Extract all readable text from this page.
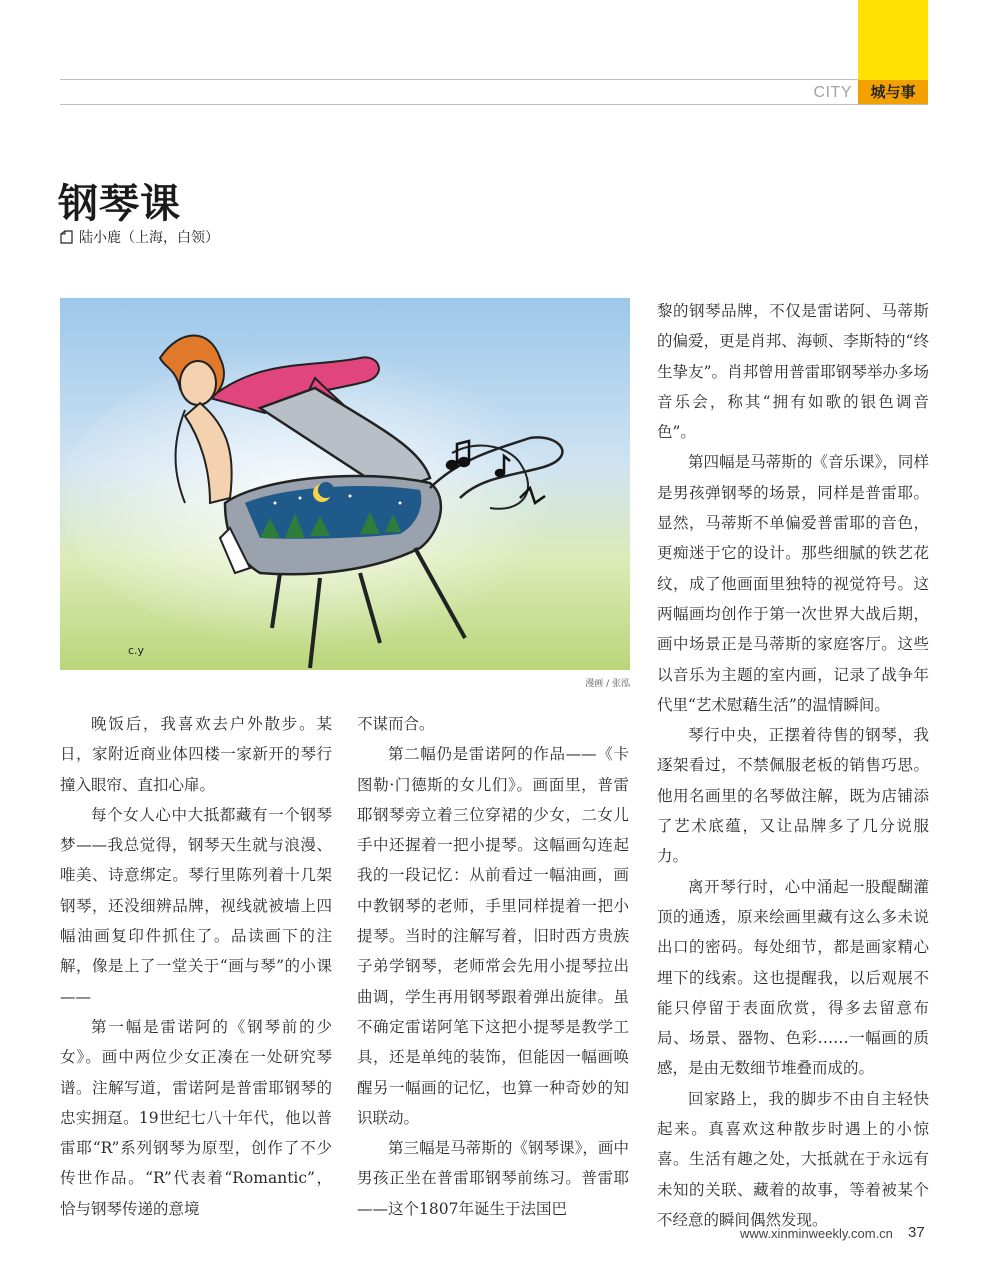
CITY	城与事
钢琴课
陆小鹿（上海，白领）
c.y
漫画 / 张泓

晚饭后，我喜欢去户外散步。某日，家附近商业体四楼一家新开的琴行撞入眼帘、直扣心扉。

每个女人心中大抵都藏有一个钢琴梦——我总觉得，钢琴天生就与浪漫、唯美、诗意绑定。琴行里陈列着十几架钢琴，还没细辨品牌，视线就被墙上四幅油画复印件抓住了。品读画下的注解，像是上了一堂关于“画与琴”的小课——

第一幅是雷诺阿的《钢琴前的少女》。画中两位少女正凑在一处研究琴谱。注解写道，雷诺阿是普雷耶钢琴的忠实拥趸。19世纪七八十年代，他以普雷耶“R”系列钢琴为原型，创作了不少传世作品。“R”代表着“Romantic”，恰与钢琴传递的意境

不谋而合。

第二幅仍是雷诺阿的作品——《卡图勒·门德斯的女儿们》。画面里，普雷耶钢琴旁立着三位穿裙的少女，二女儿手中还握着一把小提琴。这幅画勾连起我的一段记忆：从前看过一幅油画，画中教钢琴的老师，手里同样提着一把小提琴。当时的注解写着，旧时西方贵族子弟学钢琴，老师常会先用小提琴拉出曲调，学生再用钢琴跟着弹出旋律。虽不确定雷诺阿笔下这把小提琴是教学工具，还是单纯的装饰，但能因一幅画唤醒另一幅画的记忆，也算一种奇妙的知识联动。

第三幅是马蒂斯的《钢琴课》，画中男孩正坐在普雷耶钢琴前练习。普雷耶——这个1807年诞生于法国巴

黎的钢琴品牌，不仅是雷诺阿、马蒂斯的偏爱，更是肖邦、海顿、李斯特的“终生挚友”。肖邦曾用普雷耶钢琴举办多场音乐会，称其“拥有如歌的银色调音色”。

第四幅是马蒂斯的《音乐课》，同样是男孩弹钢琴的场景，同样是普雷耶。显然，马蒂斯不单偏爱普雷耶的音色，更痴迷于它的设计。那些细腻的铁艺花纹，成了他画面里独特的视觉符号。这两幅画均创作于第一次世界大战后期，画中场景正是马蒂斯的家庭客厅。这些以音乐为主题的室内画，记录了战争年代里“艺术慰藉生活”的温情瞬间。

琴行中央，正摆着待售的钢琴，我逐架看过，不禁佩服老板的销售巧思。他用名画里的名琴做注解，既为店铺添了艺术底蕴，又让品牌多了几分说服力。

离开琴行时，心中涌起一股醍醐灌顶的通透，原来绘画里藏有这么多未说出口的密码。每处细节，都是画家精心埋下的线索。这也提醒我，以后观展不能只停留于表面欣赏，得多去留意布局、场景、器物、色彩……一幅画的质感，是由无数细节堆叠而成的。

回家路上，我的脚步不由自主轻快起来。真喜欢这种散步时遇上的小惊喜。生活有趣之处，大抵就在于永远有未知的关联、藏着的故事，等着被某个不经意的瞬间偶然发现。

www.xinminweekly.com.cn 37
